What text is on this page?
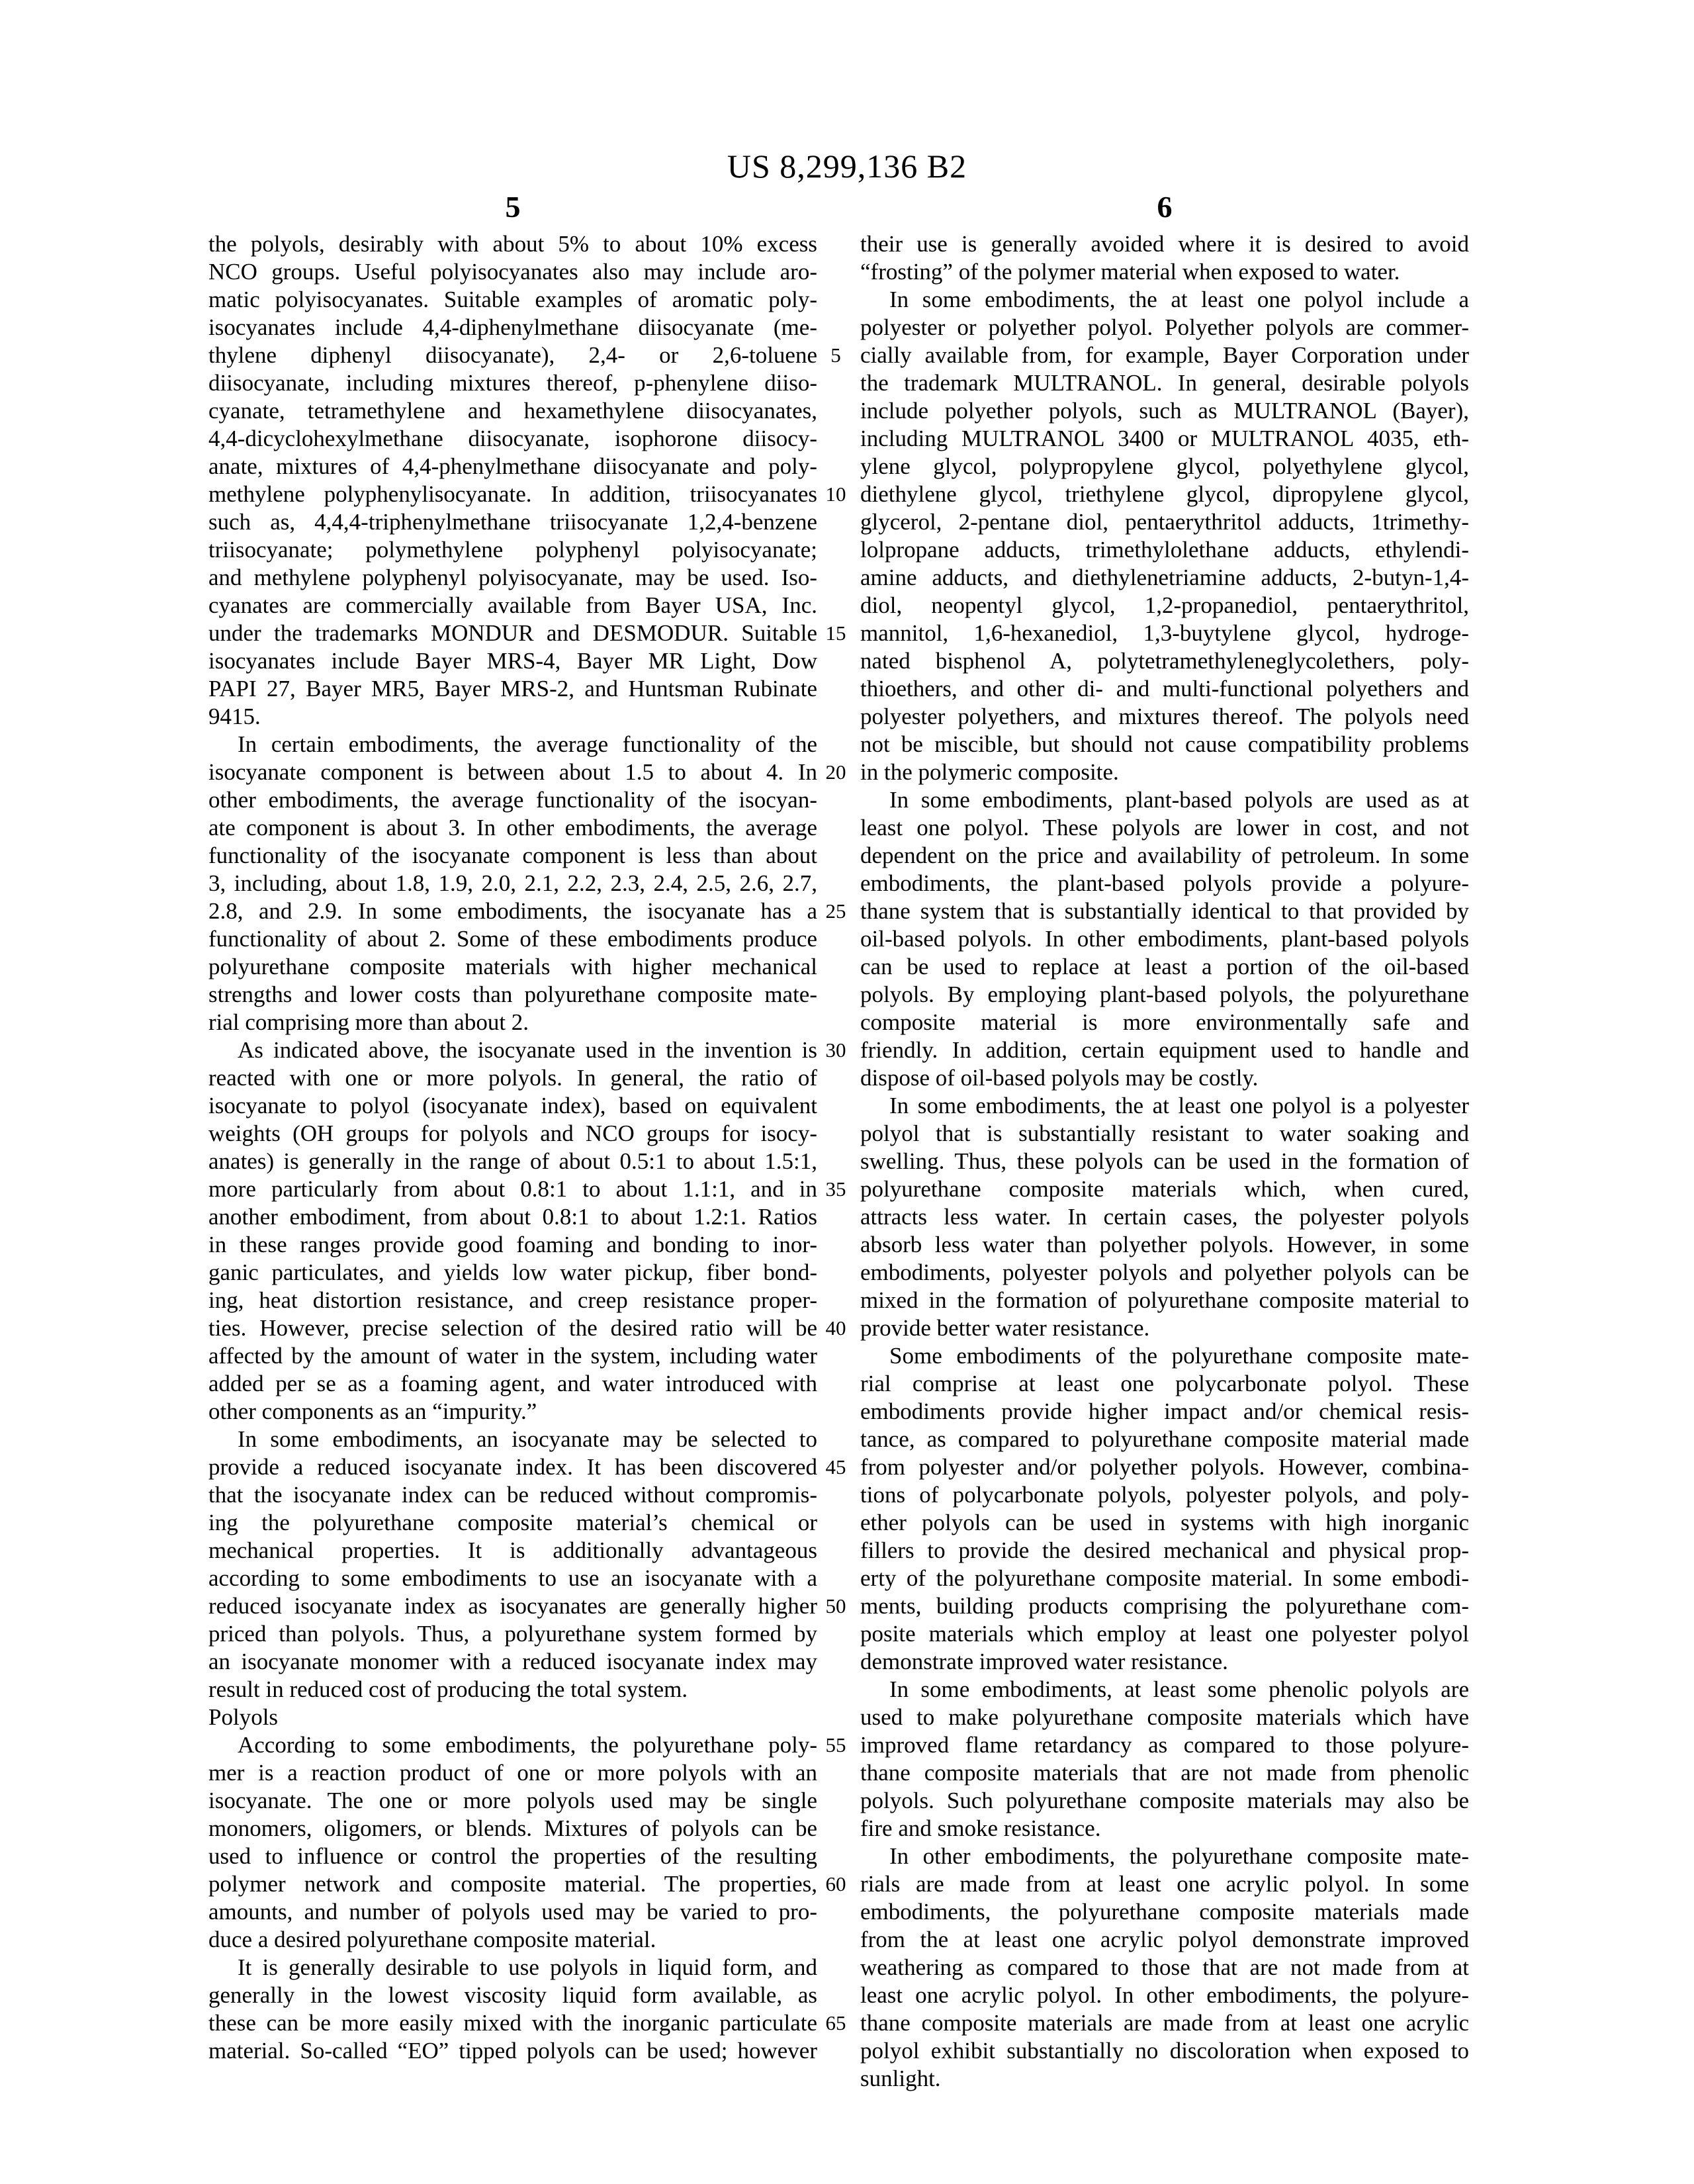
US 8,299,136 B2
5	6
the polyols, desirably with about 5% to about 10% excess
NCO groups. Useful polyisocyanates also may include aro-
matic polyisocyanates. Suitable examples of aromatic poly-
isocyanates include 4,4-diphenylmethane diisocyanate (me-
thylene diphenyl diisocyanate), 2,4- or 2,6-toluene
diisocyanate, including mixtures thereof, p-phenylene diiso-
cyanate, tetramethylene and hexamethylene diisocyanates,
4,4-dicyclohexylmethane diisocyanate, isophorone diisocy-
anate, mixtures of 4,4-phenylmethane diisocyanate and poly-
methylene polyphenylisocyanate. In addition, triisocyanates
such as, 4,4,4-triphenylmethane triisocyanate 1,2,4-benzene
triisocyanate; polymethylene polyphenyl polyisocyanate;
and methylene polyphenyl polyisocyanate, may be used. Iso-
cyanates are commercially available from Bayer USA, Inc.
under the trademarks MONDUR and DESMODUR. Suitable
isocyanates include Bayer MRS-4, Bayer MR Light, Dow
PAPI 27, Bayer MR5, Bayer MRS-2, and Huntsman Rubinate
9415.
In certain embodiments, the average functionality of the
isocyanate component is between about 1.5 to about 4. In
other embodiments, the average functionality of the isocyan-
ate component is about 3. In other embodiments, the average
functionality of the isocyanate component is less than about
3, including, about 1.8, 1.9, 2.0, 2.1, 2.2, 2.3, 2.4, 2.5, 2.6, 2.7,
2.8, and 2.9. In some embodiments, the isocyanate has a
functionality of about 2. Some of these embodiments produce
polyurethane composite materials with higher mechanical
strengths and lower costs than polyurethane composite mate-
rial comprising more than about 2.
As indicated above, the isocyanate used in the invention is
reacted with one or more polyols. In general, the ratio of
isocyanate to polyol (isocyanate index), based on equivalent
weights (OH groups for polyols and NCO groups for isocy-
anates) is generally in the range of about 0.5:1 to about 1.5:1,
more particularly from about 0.8:1 to about 1.1:1, and in
another embodiment, from about 0.8:1 to about 1.2:1. Ratios
in these ranges provide good foaming and bonding to inor-
ganic particulates, and yields low water pickup, fiber bond-
ing, heat distortion resistance, and creep resistance proper-
ties. However, precise selection of the desired ratio will be
affected by the amount of water in the system, including water
added per se as a foaming agent, and water introduced with
other components as an “impurity.”
In some embodiments, an isocyanate may be selected to
provide a reduced isocyanate index. It has been discovered
that the isocyanate index can be reduced without compromis-
ing the polyurethane composite material’s chemical or
mechanical properties. It is additionally advantageous
according to some embodiments to use an isocyanate with a
reduced isocyanate index as isocyanates are generally higher
priced than polyols. Thus, a polyurethane system formed by
an isocyanate monomer with a reduced isocyanate index may
result in reduced cost of producing the total system.
Polyols
According to some embodiments, the polyurethane poly-
mer is a reaction product of one or more polyols with an
isocyanate. The one or more polyols used may be single
monomers, oligomers, or blends. Mixtures of polyols can be
used to influence or control the properties of the resulting
polymer network and composite material. The properties,
amounts, and number of polyols used may be varied to pro-
duce a desired polyurethane composite material.
It is generally desirable to use polyols in liquid form, and
generally in the lowest viscosity liquid form available, as
these can be more easily mixed with the inorganic particulate
material. So-called “EO” tipped polyols can be used; however
5
10
15
20
25
30
35
40
45
50
55
60
65
their use is generally avoided where it is desired to avoid
“frosting” of the polymer material when exposed to water.
In some embodiments, the at least one polyol include a
polyester or polyether polyol. Polyether polyols are commer-
cially available from, for example, Bayer Corporation under
the trademark MULTRANOL. In general, desirable polyols
include polyether polyols, such as MULTRANOL (Bayer),
including MULTRANOL 3400 or MULTRANOL 4035, eth-
ylene glycol, polypropylene glycol, polyethylene glycol,
diethylene glycol, triethylene glycol, dipropylene glycol,
glycerol, 2-pentane diol, pentaerythritol adducts, 1trimethy-
lolpropane adducts, trimethylolethane adducts, ethylendi-
amine adducts, and diethylenetriamine adducts, 2-butyn-1,4-
diol, neopentyl glycol, 1,2-propanediol, pentaerythritol,
mannitol, 1,6-hexanediol, 1,3-buytylene glycol, hydroge-
nated bisphenol A, polytetramethyleneglycolethers, poly-
thioethers, and other di- and multi-functional polyethers and
polyester polyethers, and mixtures thereof. The polyols need
not be miscible, but should not cause compatibility problems
in the polymeric composite.
In some embodiments, plant-based polyols are used as at
least one polyol. These polyols are lower in cost, and not
dependent on the price and availability of petroleum. In some
embodiments, the plant-based polyols provide a polyure-
thane system that is substantially identical to that provided by
oil-based polyols. In other embodiments, plant-based polyols
can be used to replace at least a portion of the oil-based
polyols. By employing plant-based polyols, the polyurethane
composite material is more environmentally safe and
friendly. In addition, certain equipment used to handle and
dispose of oil-based polyols may be costly.
In some embodiments, the at least one polyol is a polyester
polyol that is substantially resistant to water soaking and
swelling. Thus, these polyols can be used in the formation of
polyurethane composite materials which, when cured,
attracts less water. In certain cases, the polyester polyols
absorb less water than polyether polyols. However, in some
embodiments, polyester polyols and polyether polyols can be
mixed in the formation of polyurethane composite material to
provide better water resistance.
Some embodiments of the polyurethane composite mate-
rial comprise at least one polycarbonate polyol. These
embodiments provide higher impact and/or chemical resis-
tance, as compared to polyurethane composite material made
from polyester and/or polyether polyols. However, combina-
tions of polycarbonate polyols, polyester polyols, and poly-
ether polyols can be used in systems with high inorganic
fillers to provide the desired mechanical and physical prop-
erty of the polyurethane composite material. In some embodi-
ments, building products comprising the polyurethane com-
posite materials which employ at least one polyester polyol
demonstrate improved water resistance.
In some embodiments, at least some phenolic polyols are
used to make polyurethane composite materials which have
improved flame retardancy as compared to those polyure-
thane composite materials that are not made from phenolic
polyols. Such polyurethane composite materials may also be
fire and smoke resistance.
In other embodiments, the polyurethane composite mate-
rials are made from at least one acrylic polyol. In some
embodiments, the polyurethane composite materials made
from the at least one acrylic polyol demonstrate improved
weathering as compared to those that are not made from at
least one acrylic polyol. In other embodiments, the polyure-
thane composite materials are made from at least one acrylic
polyol exhibit substantially no discoloration when exposed to
sunlight.
